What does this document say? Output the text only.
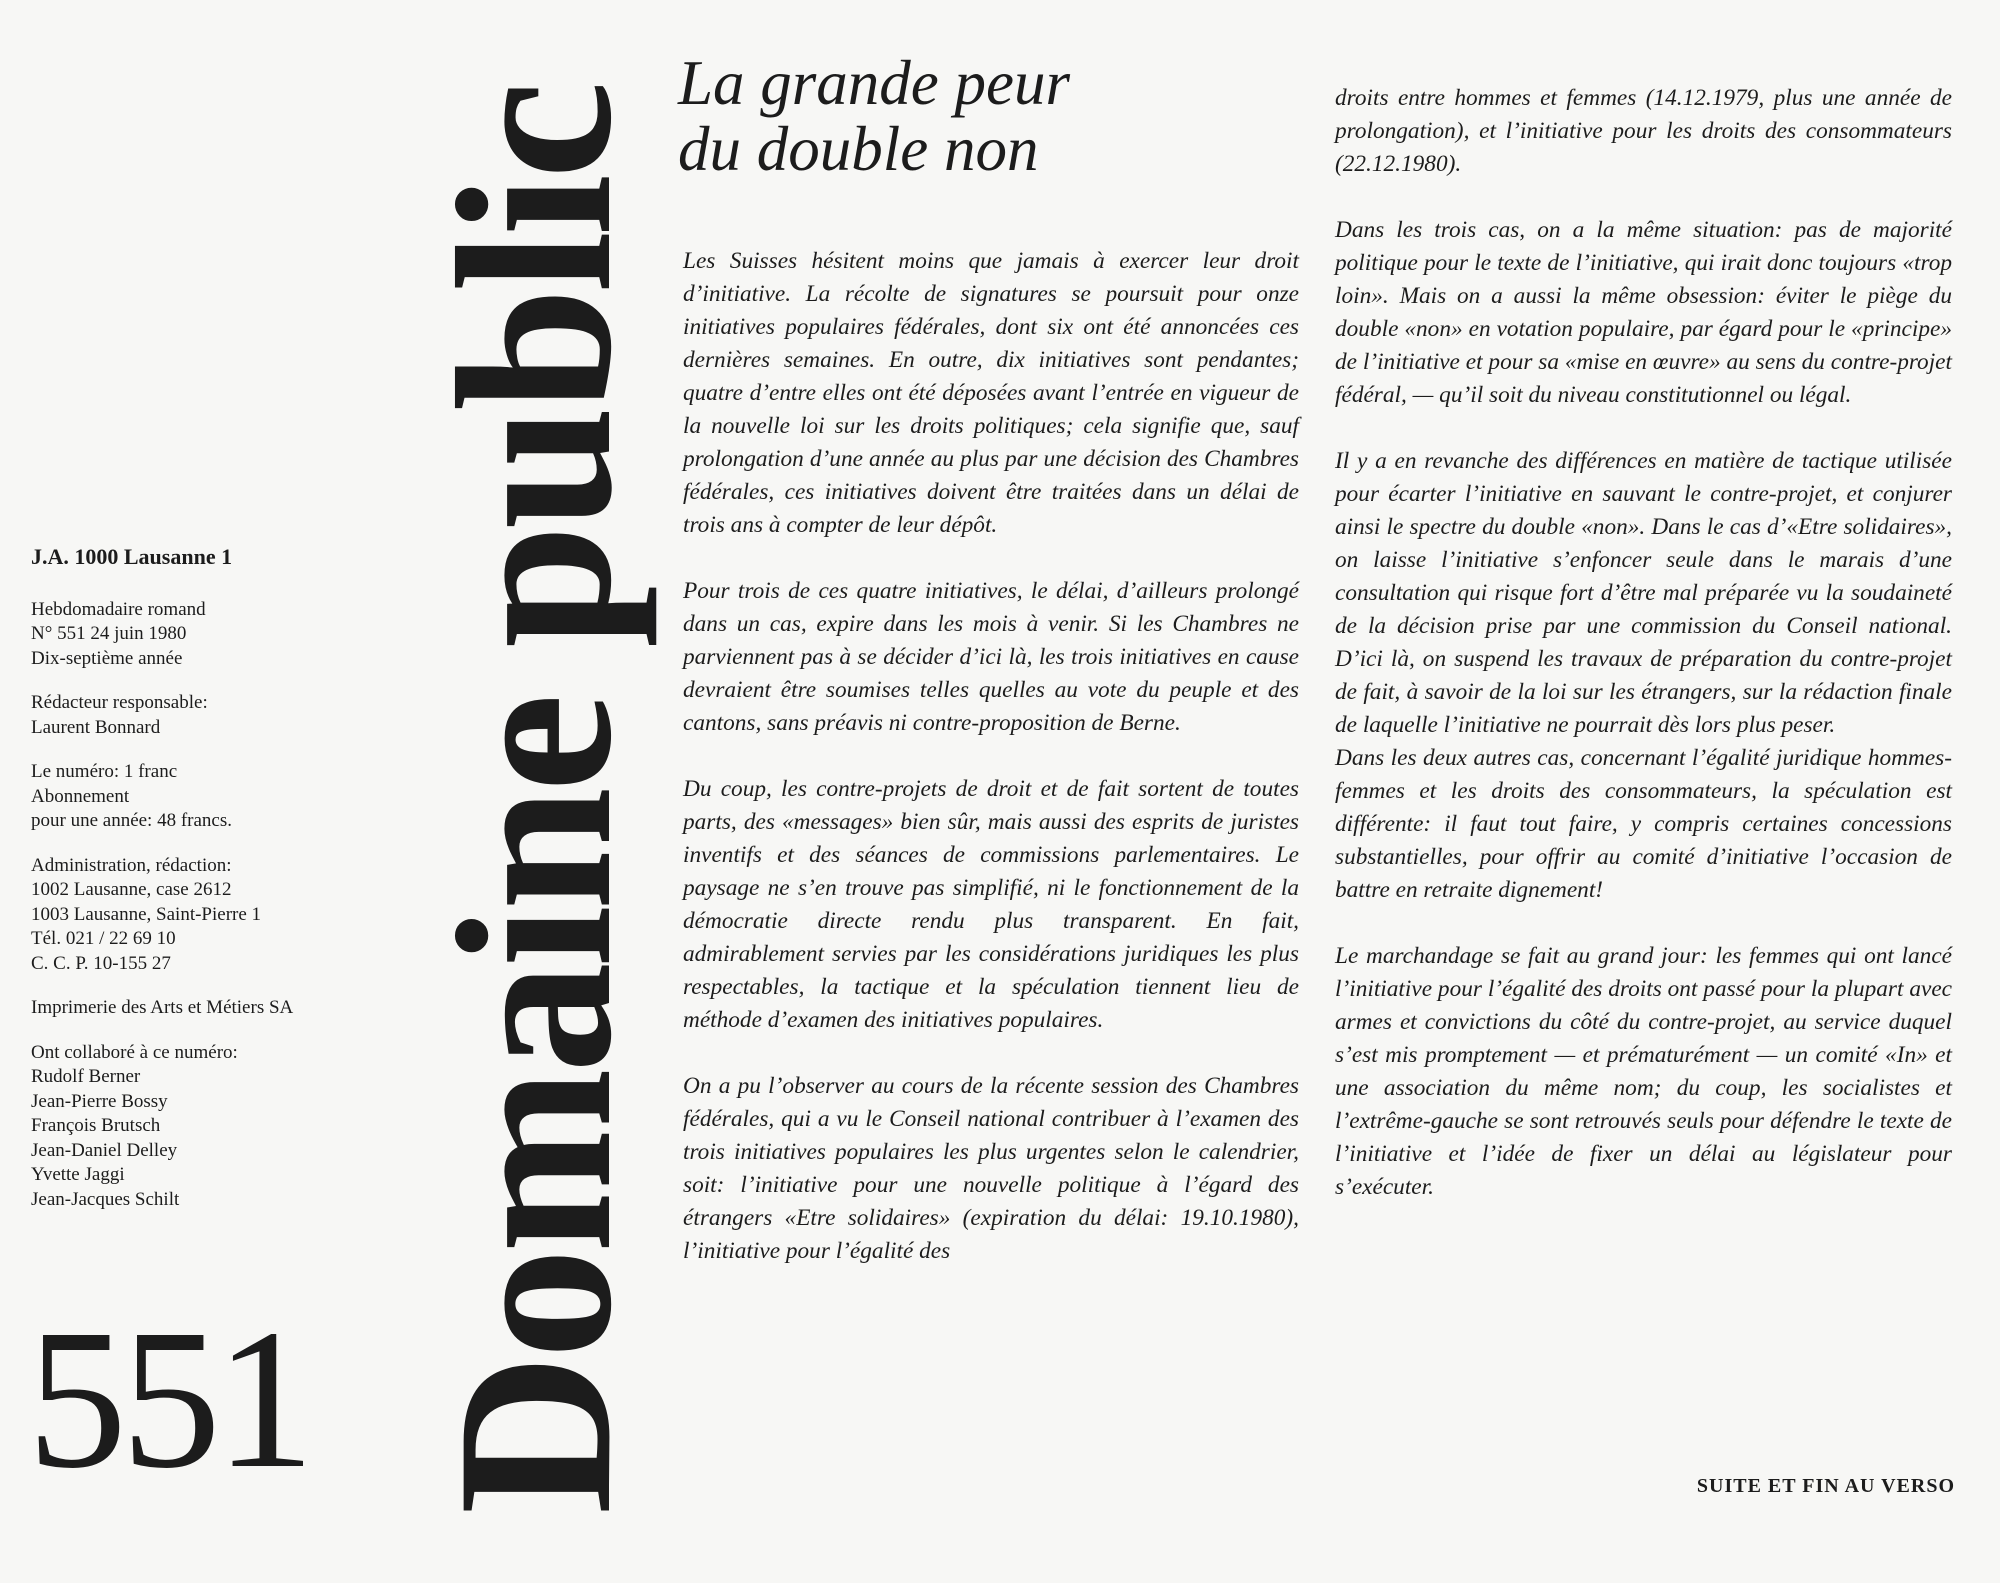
J.A. 1000 Lausanne 1
Hebdomadaire romand
N° 551 24 juin 1980
Dix-septième année
Rédacteur responsable:
Laurent Bonnard
Le numéro: 1 franc
Abonnement
pour une année: 48 francs.
Administration, rédaction:
1002 Lausanne, case 2612
1003 Lausanne, Saint-Pierre 1
Tél. 021 / 22 69 10
C. C. P. 10-155 27
Imprimerie des Arts et Métiers SA
Ont collaboré à ce numéro:
Rudolf Berner
Jean-Pierre Bossy
François Brutsch
Jean-Daniel Delley
Yvette Jaggi
Jean-Jacques Schilt
551 Domaine public
La grande peur
du double non

Les Suisses hésitent moins que jamais à exercer leur droit d’initiative. La récolte de signatures se poursuit pour onze initiatives populaires fédérales, dont six ont été annoncées ces dernières semaines. En outre, dix initiatives sont pendantes; quatre d’entre elles ont été déposées avant l’entrée en vigueur de la nouvelle loi sur les droits politiques; cela signifie que, sauf prolongation d’une année au plus par une décision des Chambres fédérales, ces initiatives doivent être traitées dans un délai de trois ans à compter de leur dépôt.

Pour trois de ces quatre initiatives, le délai, d’ailleurs prolongé dans un cas, expire dans les mois à venir. Si les Chambres ne parviennent pas à se décider d’ici là, les trois initiatives en cause devraient être soumises telles quelles au vote du peuple et des cantons, sans préavis ni contre-proposition de Berne.

Du coup, les contre-projets de droit et de fait sortent de toutes parts, des «messages» bien sûr, mais aussi des esprits de juristes inventifs et des séances de commissions parlementaires. Le paysage ne s’en trouve pas simplifié, ni le fonctionnement de la démocratie directe rendu plus transparent. En fait, admirablement servies par les considérations juridiques les plus respectables, la tactique et la spéculation tiennent lieu de méthode d’examen des initiatives populaires.

On a pu l’observer au cours de la récente session des Chambres fédérales, qui a vu le Conseil national contribuer à l’examen des trois initiatives populaires les plus urgentes selon le calendrier, soit: l’initiative pour une nouvelle politique à l’égard des étrangers «Etre solidaires» (expiration du délai: 19.10.1980), l’initiative pour l’égalité des

droits entre hommes et femmes (14.12.1979, plus une année de prolongation), et l’initiative pour les droits des consommateurs (22.12.1980).

Dans les trois cas, on a la même situation: pas de majorité politique pour le texte de l’initiative, qui irait donc toujours «trop loin». Mais on a aussi la même obsession: éviter le piège du double «non» en votation populaire, par égard pour le «principe» de l’initiative et pour sa «mise en œuvre» au sens du contre-projet fédéral, — qu’il soit du niveau constitutionnel ou légal.

Il y a en revanche des différences en matière de tactique utilisée pour écarter l’initiative en sauvant le contre-projet, et conjurer ainsi le spectre du double «non». Dans le cas d’«Etre solidaires», on laisse l’initiative s’enfoncer seule dans le marais d’une consultation qui risque fort d’être mal préparée vu la soudaineté de la décision prise par une commission du Conseil national. D’ici là, on suspend les travaux de préparation du contre-projet de fait, à savoir de la loi sur les étrangers, sur la rédaction finale de laquelle l’initiative ne pourrait dès lors plus peser.

Dans les deux autres cas, concernant l’égalité juridique hommes-femmes et les droits des consommateurs, la spéculation est différente: il faut tout faire, y compris certaines concessions substantielles, pour offrir au comité d’initiative l’occasion de battre en retraite dignement!

Le marchandage se fait au grand jour: les femmes qui ont lancé l’initiative pour l’égalité des droits ont passé pour la plupart avec armes et convictions du côté du contre-projet, au service duquel s’est mis promptement — et prématurément — un comité «In» et une association du même nom; du coup, les socialistes et l’extrême-gauche se sont retrouvés seuls pour défendre le texte de l’initiative et l’idée de fixer un délai au législateur pour s’exécuter.

SUITE ET FIN AU VERSO
